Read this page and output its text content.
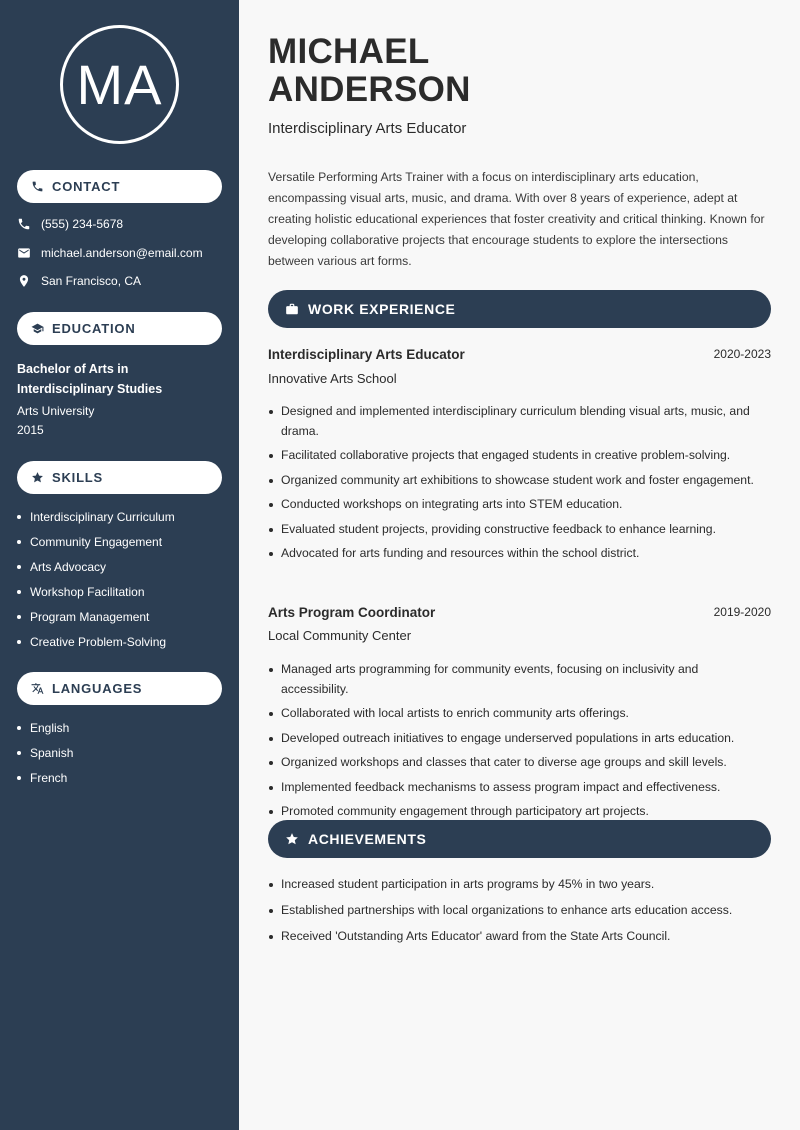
MA
CONTACT
(555) 234-5678
michael.anderson@email.com
San Francisco, CA
EDUCATION
Bachelor of Arts in Interdisciplinary Studies
Arts University
2015
SKILLS
Interdisciplinary Curriculum
Community Engagement
Arts Advocacy
Workshop Facilitation
Program Management
Creative Problem-Solving
LANGUAGES
English
Spanish
French
MICHAEL
ANDERSON
Interdisciplinary Arts Educator

Versatile Performing Arts Trainer with a focus on interdisciplinary arts education, encompassing visual arts, music, and drama. With over 8 years of experience, adept at creating holistic educational experiences that foster creativity and critical thinking. Known for developing collaborative projects that encourage students to explore the intersections between various art forms.

WORK EXPERIENCE
Interdisciplinary Arts Educator	2020-2023
Innovative Arts School
Designed and implemented interdisciplinary curriculum blending visual arts, music, and drama.
Facilitated collaborative projects that engaged students in creative problem-solving.
Organized community art exhibitions to showcase student work and foster engagement.
Conducted workshops on integrating arts into STEM education.
Evaluated student projects, providing constructive feedback to enhance learning.
Advocated for arts funding and resources within the school district.
Arts Program Coordinator	2019-2020
Local Community Center
Managed arts programming for community events, focusing on inclusivity and accessibility.
Collaborated with local artists to enrich community arts offerings.
Developed outreach initiatives to engage underserved populations in arts education.
Organized workshops and classes that cater to diverse age groups and skill levels.
Implemented feedback mechanisms to assess program impact and effectiveness.
Promoted community engagement through participatory art projects.
ACHIEVEMENTS
Increased student participation in arts programs by 45% in two years.
Established partnerships with local organizations to enhance arts education access.
Received 'Outstanding Arts Educator' award from the State Arts Council.
